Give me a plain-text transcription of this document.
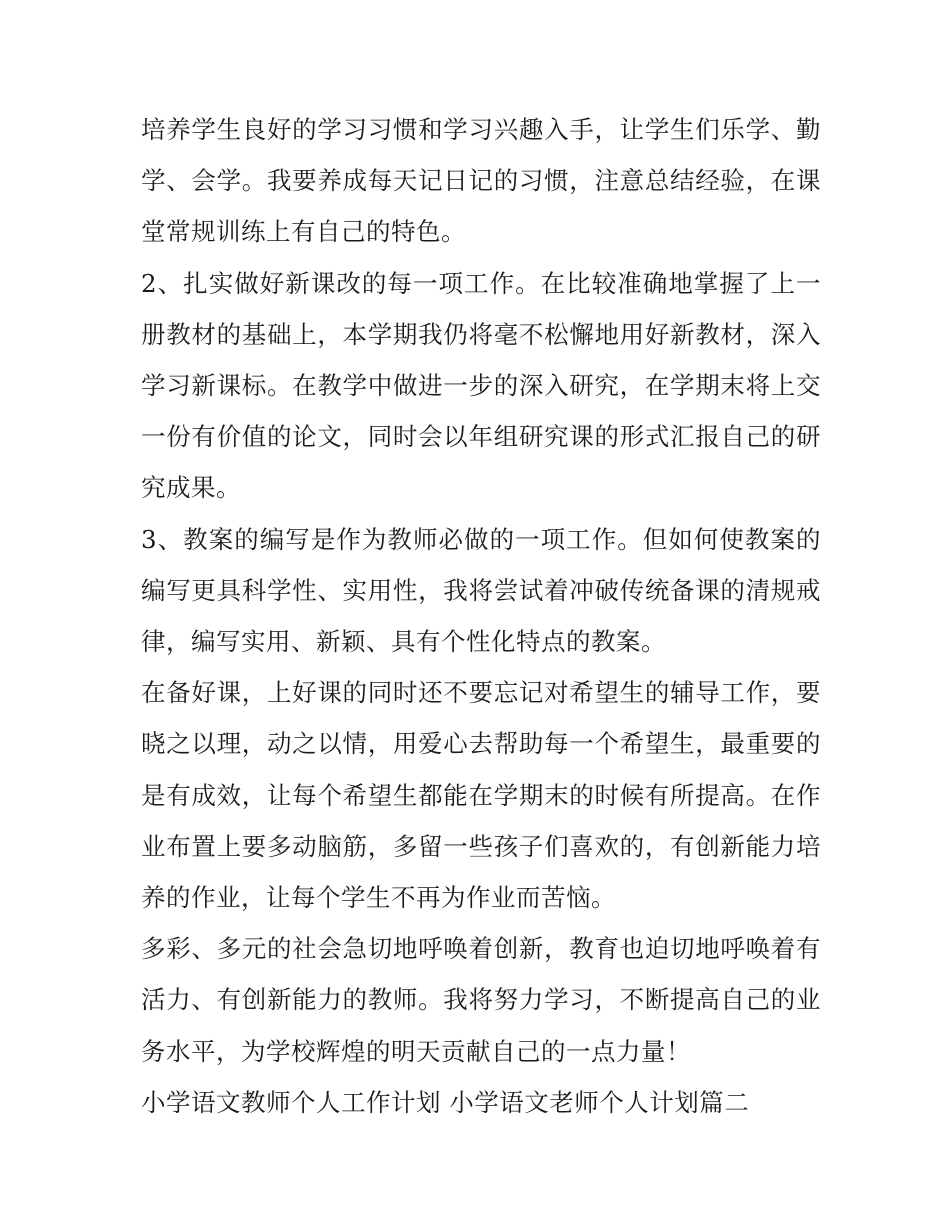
培养学生良好的学习习惯和学习兴趣入手，让学生们乐学、勤学、会学。我要养成每天记日记的习惯，注意总结经验，在课堂常规训练上有自己的特色。

2、扎实做好新课改的每一项工作。在比较准确地掌握了上一册教材的基础上，本学期我仍将毫不松懈地用好新教材，深入学习新课标。在教学中做进一步的深入研究，在学期末将上交一份有价值的论文，同时会以年组研究课的形式汇报自己的研究成果。

3、教案的编写是作为教师必做的一项工作。但如何使教案的编写更具科学性、实用性，我将尝试着冲破传统备课的清规戒律，编写实用、新颖、具有个性化特点的教案。

在备好课，上好课的同时还不要忘记对希望生的辅导工作，要晓之以理，动之以情，用爱心去帮助每一个希望生，最重要的是有成效，让每个希望生都能在学期末的时候有所提高。在作业布置上要多动脑筋，多留一些孩子们喜欢的，有创新能力培养的作业，让每个学生不再为作业而苦恼。

多彩、多元的社会急切地呼唤着创新，教育也迫切地呼唤着有活力、有创新能力的教师。我将努力学习，不断提高自己的业务水平，为学校辉煌的明天贡献自己的一点力量！

小学语文教师个人工作计划 小学语文老师个人计划篇二
